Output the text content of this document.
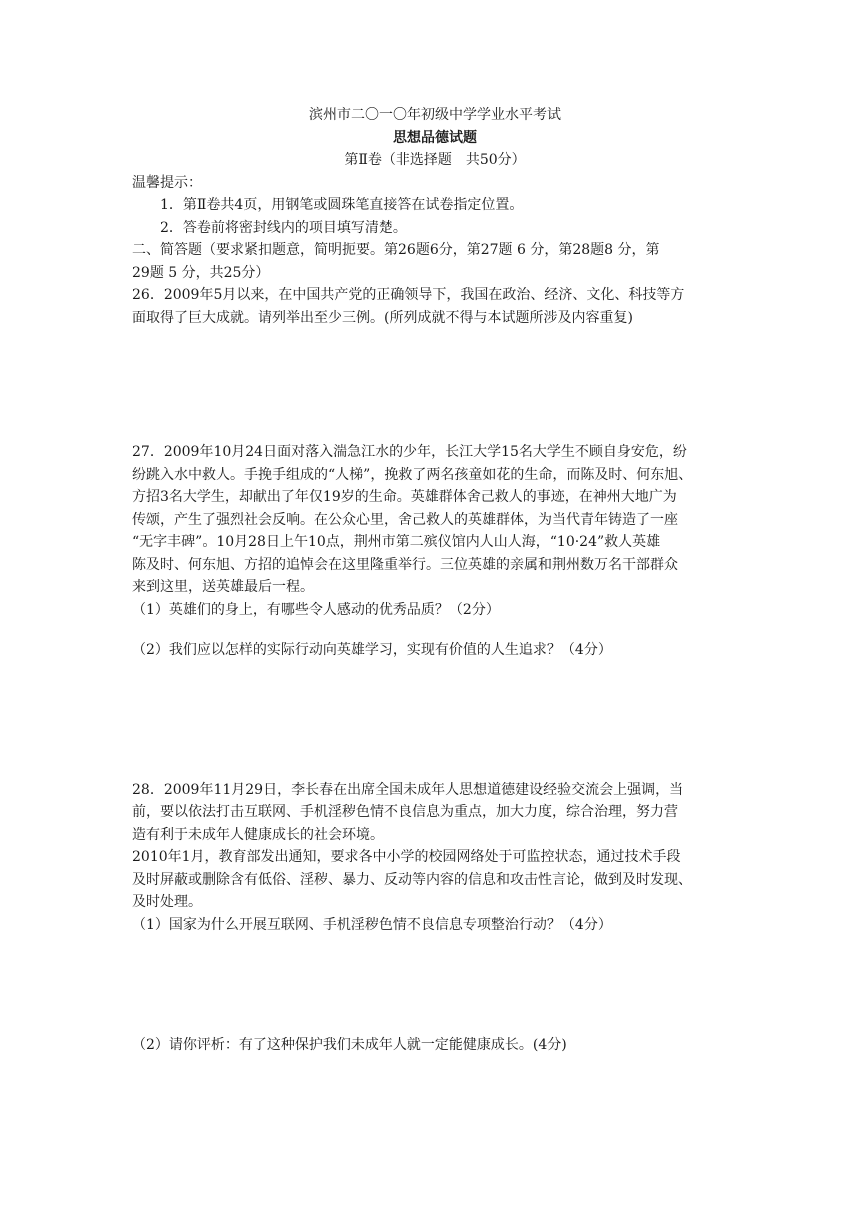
滨州市二〇一〇年初级中学学业水平考试
思想品德试题
第Ⅱ卷（非选择题　共50分）
温馨提示：
1．第Ⅱ卷共4页，用钢笔或圆珠笔直接答在试卷指定位置。
2．答卷前将密封线内的项目填写清楚。
二、简答题（要求紧扣题意，简明扼要。第26题6分，第27题 6 分，第28题8 分，第
29题 5 分，共25分）
26．2009年5月以来，在中国共产党的正确领导下，我国在政治、经济、文化、科技等方
面取得了巨大成就。请列举出至少三例。(所列成就不得与本试题所涉及内容重复)
27．2009年10月24日面对落入湍急江水的少年，长江大学15名大学生不顾自身安危，纷
纷跳入水中救人。手挽手组成的“人梯”，挽救了两名孩童如花的生命，而陈及时、何东旭、
方招3名大学生，却献出了年仅19岁的生命。英雄群体舍己救人的事迹，在神州大地广为
传颂，产生了强烈社会反响。在公众心里，舍己救人的英雄群体，为当代青年铸造了一座
“无字丰碑”。10月28日上午10点，荆州市第二殡仪馆内人山人海，“10·24”救人英雄
陈及时、何东旭、方招的追悼会在这里隆重举行。三位英雄的亲属和荆州数万名干部群众
来到这里，送英雄最后一程。
（1）英雄们的身上，有哪些令人感动的优秀品质？（2分）
（2）我们应以怎样的实际行动向英雄学习，实现有价值的人生追求？（4分）
28．2009年11月29日，李长春在出席全国未成年人思想道德建设经验交流会上强调，当
前，要以依法打击互联网、手机淫秽色情不良信息为重点，加大力度，综合治理，努力营
造有利于未成年人健康成长的社会环境。
2010年1月，教育部发出通知，要求各中小学的校园网络处于可监控状态，通过技术手段
及时屏蔽或删除含有低俗、淫秽、暴力、反动等内容的信息和攻击性言论，做到及时发现、
及时处理。
（1）国家为什么开展互联网、手机淫秽色情不良信息专项整治行动？（4分）
（2）请你评析：有了这种保护我们未成年人就一定能健康成长。(4分)
